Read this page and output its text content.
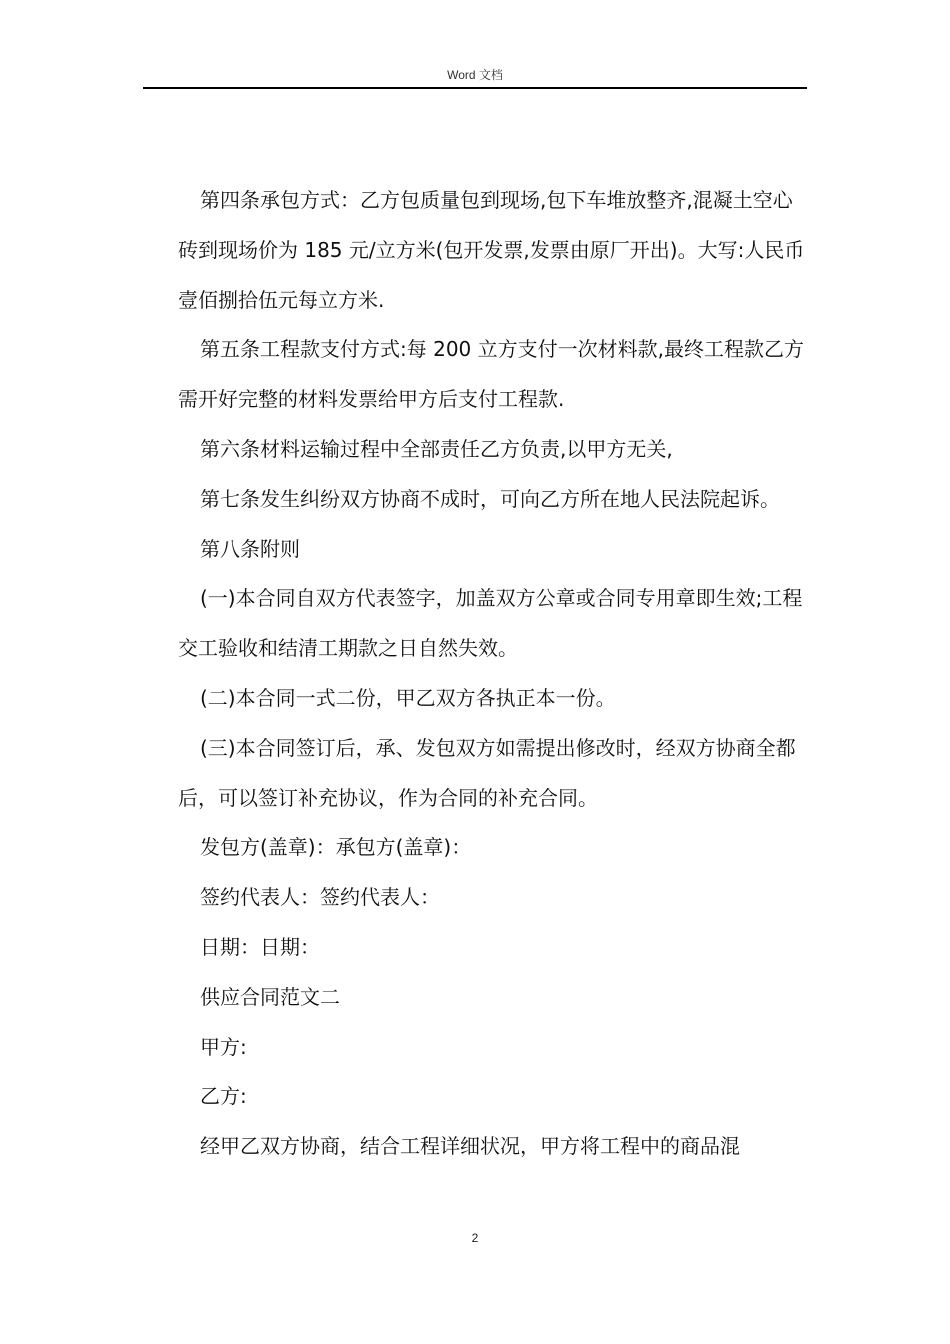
Word 文档

第四条承包方式：乙方包质量包到现场,包下车堆放整齐,混凝土空心砖到现场价为 185 元/立方米(包开发票,发票由原厂开出)。大写:人民币壹佰捌拾伍元每立方米.

第五条工程款支付方式:每 200 立方支付一次材料款,最终工程款乙方需开好完整的材料发票给甲方后支付工程款.

第六条材料运输过程中全部责任乙方负责,以甲方无关,

第七条发生纠纷双方协商不成时，可向乙方所在地人民法院起诉。

第八条附则

(一)本合同自双方代表签字，加盖双方公章或合同专用章即生效;工程交工验收和结清工期款之日自然失效。

(二)本合同一式二份，甲乙双方各执正本一份。

(三)本合同签订后，承、发包双方如需提出修改时，经双方协商全都后，可以签订补充协议，作为合同的补充合同。

发包方(盖章)：承包方(盖章)：

签约代表人：签约代表人：

日期：日期：

供应合同范文二

甲方:

乙方:

经甲乙双方协商，结合工程详细状况，甲方将工程中的商品混

2
